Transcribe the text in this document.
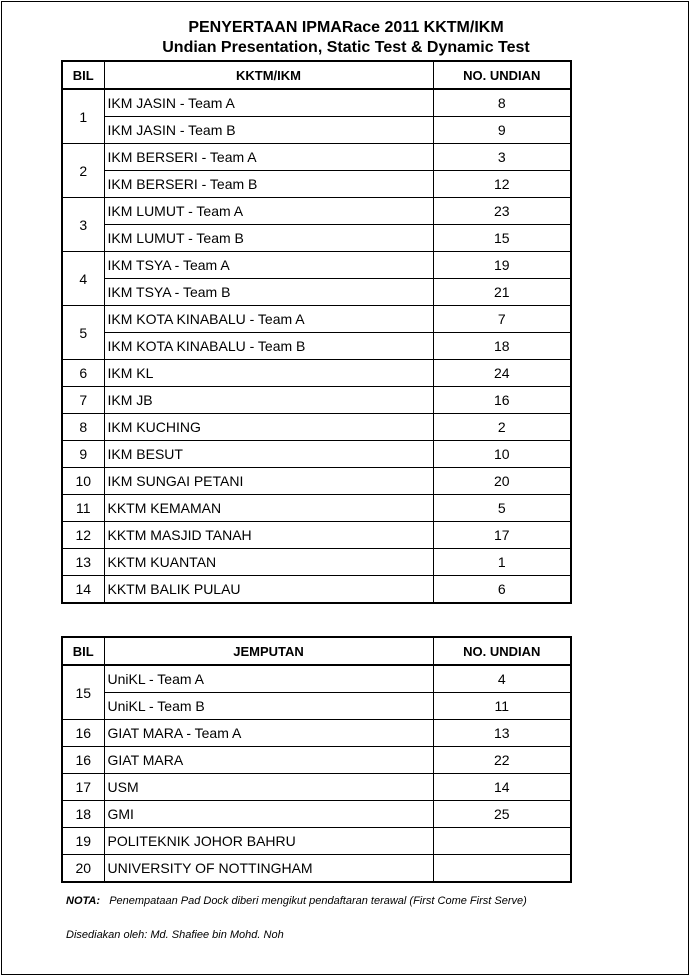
PENYERTAAN IPMARace 2011 KKTM/IKM
Undian Presentation, Static Test & Dynamic Test
BIL	KKTM/IKM	NO. UNDIAN
1	IKM JASIN - Team A	8
	IKM JASIN - Team B	9
2	IKM BERSERI - Team A	3
	IKM BERSERI - Team B	12
3	IKM LUMUT - Team A	23
	IKM LUMUT - Team B	15
4	IKM TSYA - Team A	19
	IKM TSYA - Team B	21
5	IKM KOTA KINABALU - Team A	7
	IKM KOTA KINABALU - Team B	18
6	IKM KL	24
7	IKM JB	16
8	IKM KUCHING	2
9	IKM BESUT	10
10	IKM SUNGAI PETANI	20
11	KKTM KEMAMAN	5
12	KKTM MASJID TANAH	17
13	KKTM KUANTAN	1
14	KKTM BALIK PULAU	6
BIL	JEMPUTAN	NO. UNDIAN
15	UniKL - Team A	4
	UniKL - Team B	11
16	GIAT MARA - Team A	13
16	GIAT MARA	22
17	USM	14
18	GMI	25
19	POLITEKNIK JOHOR BAHRU	
20	UNIVERSITY OF NOTTINGHAM	
NOTA: Penempataan Pad Dock diberi mengikut pendaftaran terawal (First Come First Serve)
Disediakan oleh: Md. Shafiee bin Mohd. Noh
